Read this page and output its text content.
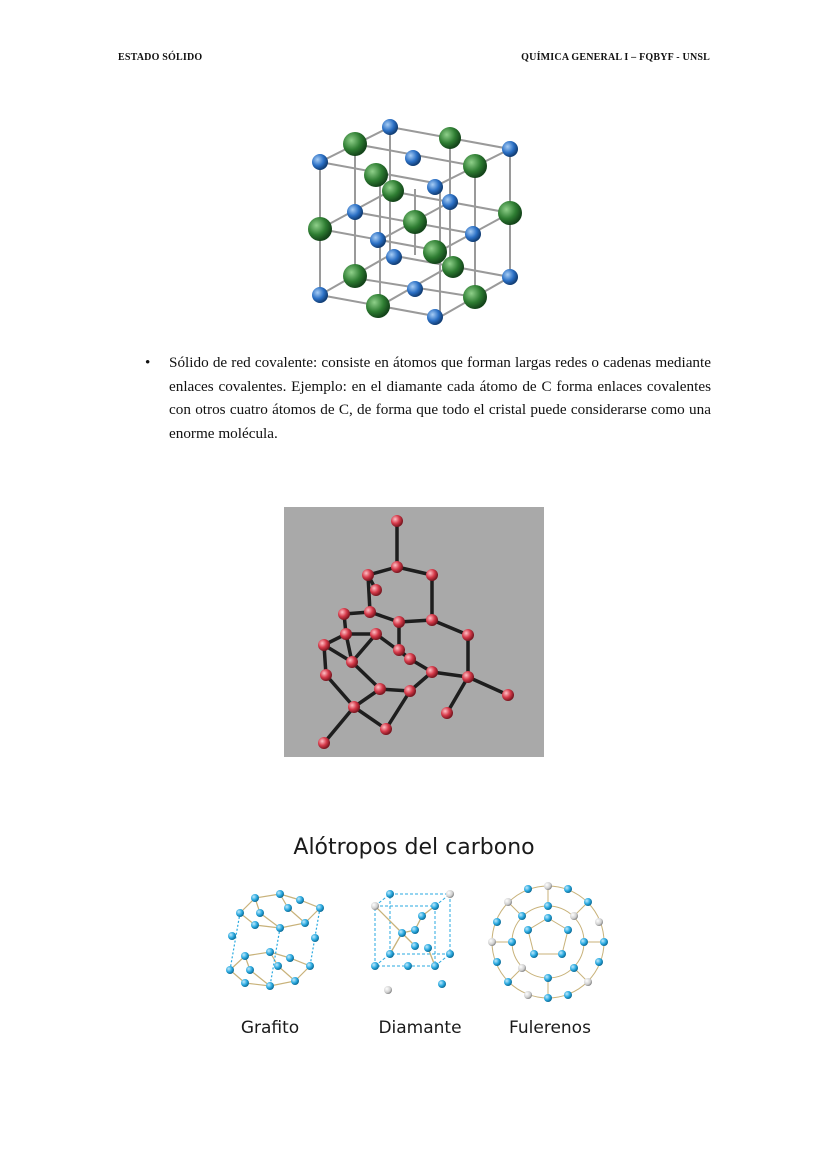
ESTADO SÓLIDO	QUÍMICA GENERAL I – FQBYF - UNSL
• Sólido de red covalente: consiste en átomos que forman largas redes o cadenas mediante enlaces covalentes. Ejemplo: en el diamante cada átomo de C forma enlaces covalentes con otros cuatro átomos de C, de forma que todo el cristal puede considerarse como una enorme molécula.
Alótropos del carbono
Grafito	Diamante	Fulerenos
